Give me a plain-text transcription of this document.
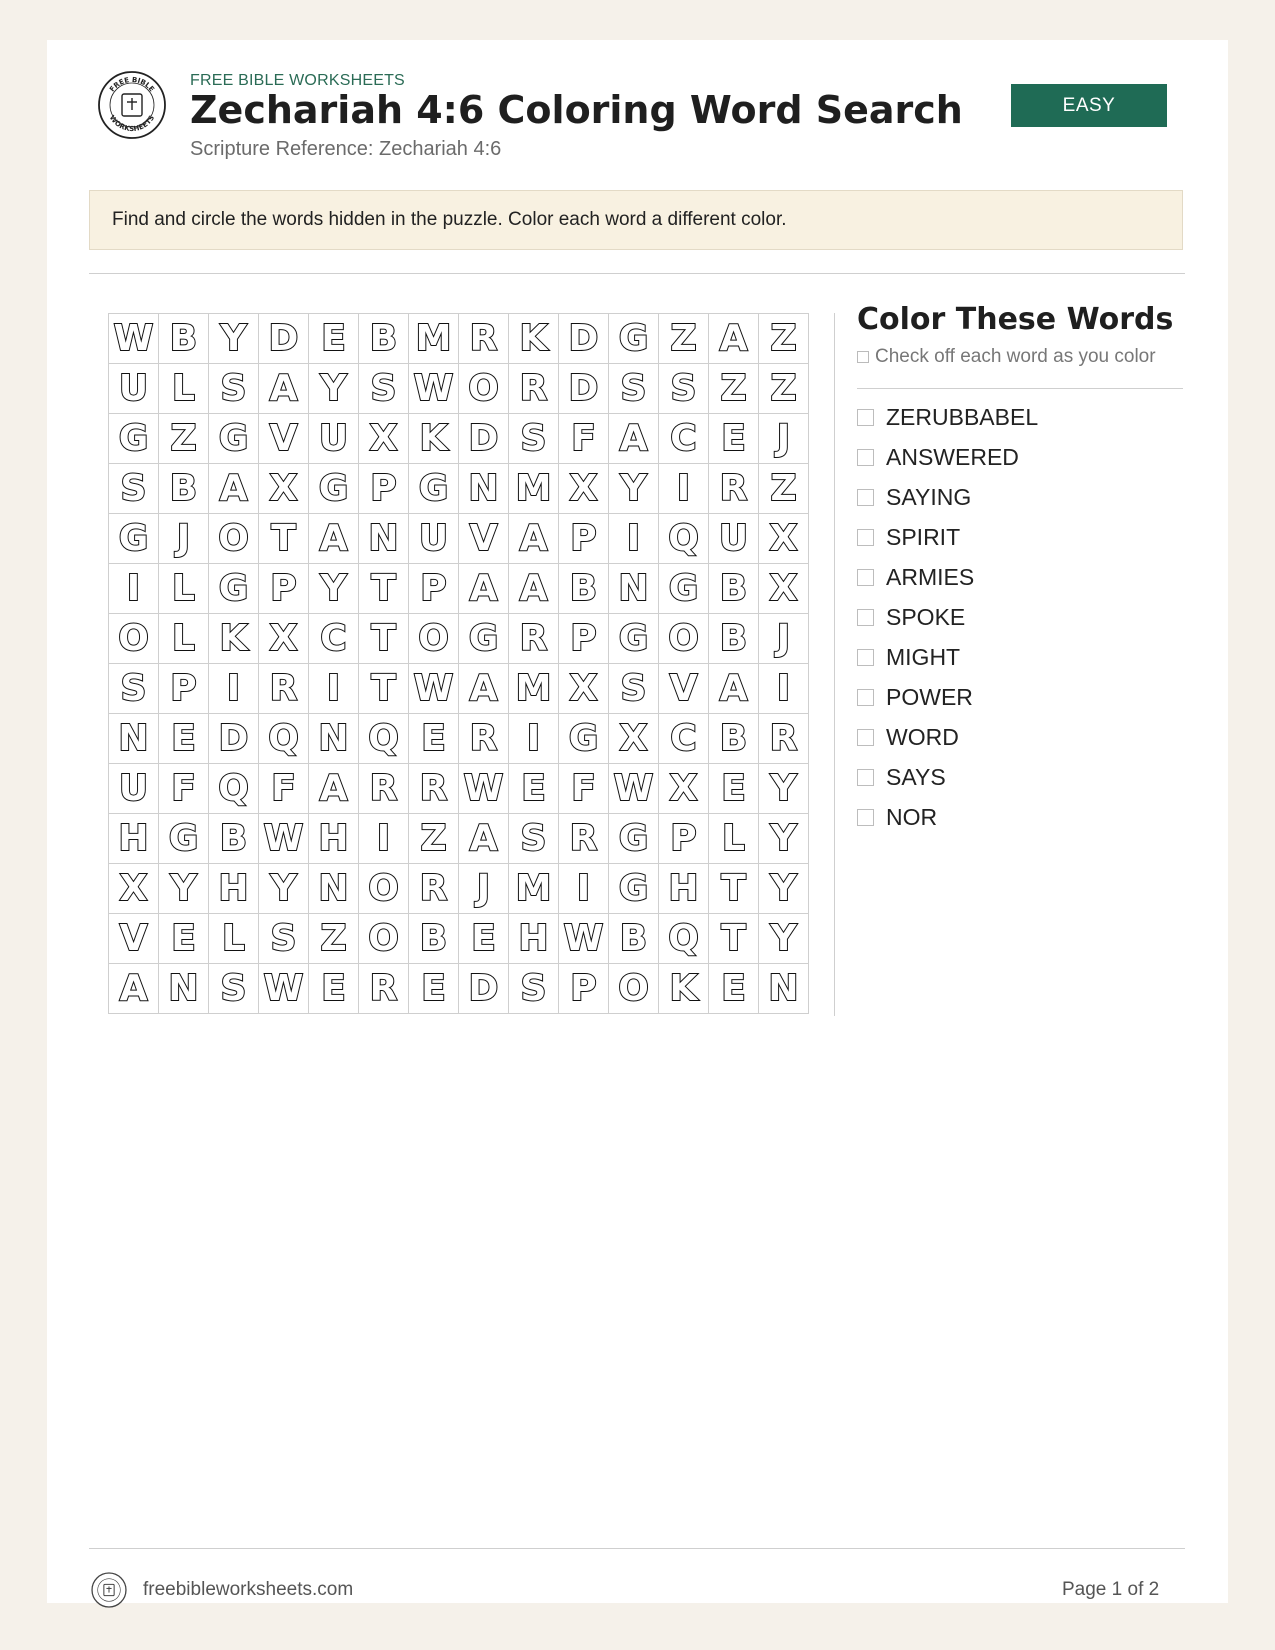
FREE BIBLE
WORKSHEETS
FREE BIBLE WORKSHEETS
Zechariah 4:6 Coloring Word Search
Scripture Reference: Zechariah 4:6
EASY
Find and circle the words hidden in the puzzle. Color each word a different color.
W B Y D E B M R K D G Z A Z
U L S A Y S W O R D S S Z Z
G Z G V U X K D S F A C E J
S B A X G P G N M X Y I R Z
G J O T A N U V A P I Q U X
I L G P Y T P A A B N G B X
O L K X C T O G R P G O B J
S P I R I T W A M X S V A I
N E D Q N Q E R I G X C B R
U F Q F A R R W E F W X E Y
H G B W H I Z A S R G P L Y
X Y H Y N O R J M I G H T Y
V E L S Z O B E H W B Q T Y
A N S W E R E D S P O K E N
Color These Words
Check off each word as you color
ZERUBBABEL
ANSWERED
SAYING
SPIRIT
ARMIES
SPOKE
MIGHT
POWER
WORD
SAYS
NOR
freebibleworksheets.com	Page 1 of 2
